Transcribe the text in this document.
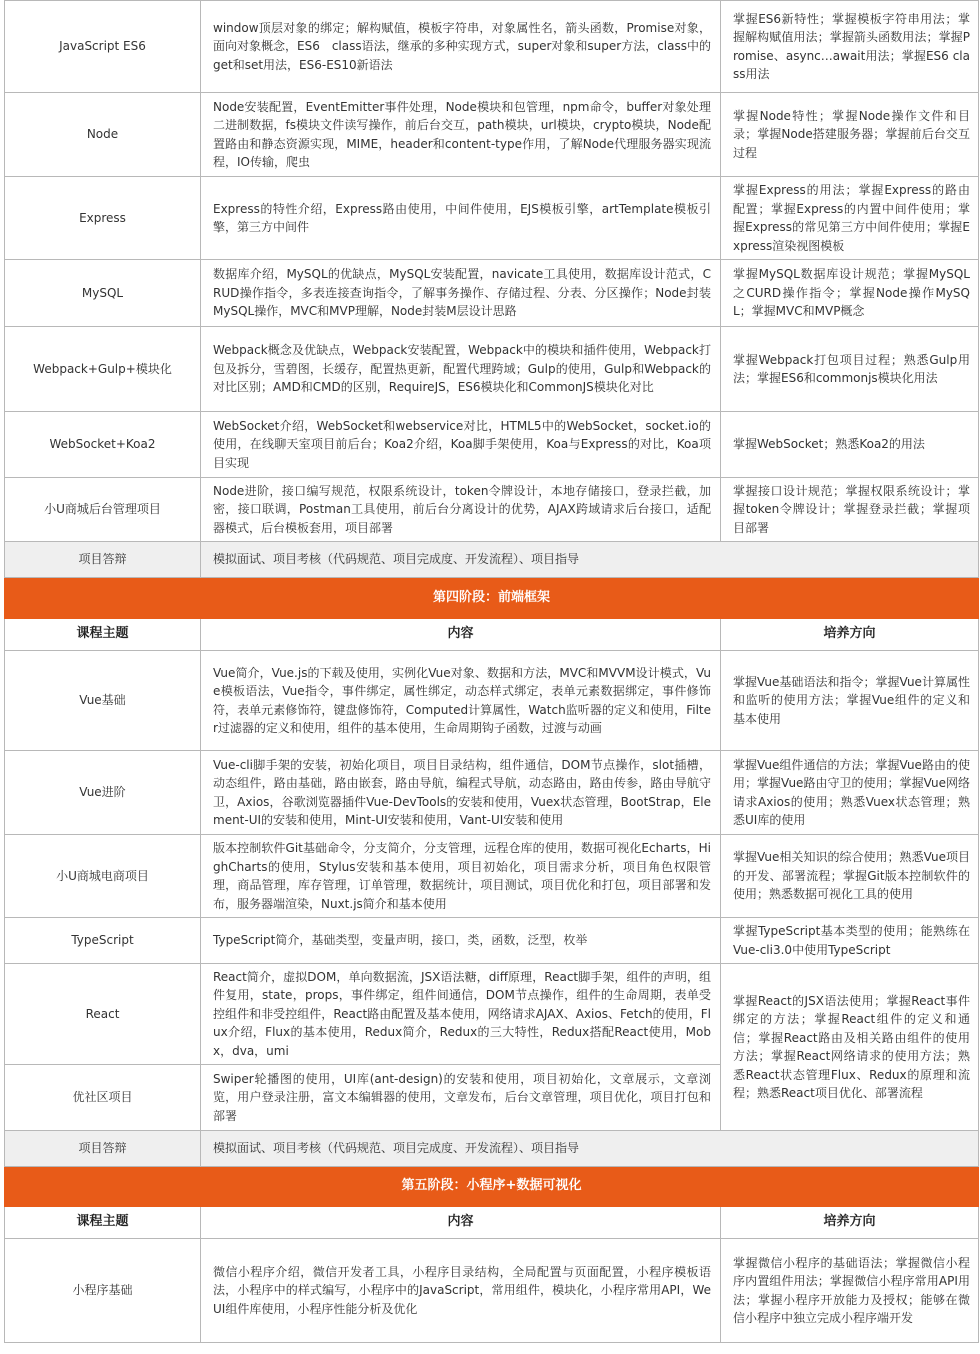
JavaScript ES6	window顶层对象的绑定；解构赋值，模板字符串，对象属性名，箭头函数，Promise对象，面向对象概念，ES6　class语法，继承的多种实现方式，super对象和super方法，class中的get和set用法，ES6-ES10新语法	掌握ES6新特性；掌握模板字符串用法；掌握解构赋值用法；掌握箭头函数用法；掌握Promise、async…await用法；掌握ES6 class用法
Node	Node安装配置，EventEmitter事件处理，Node模块和包管理，npm命令，buffer对象处理二进制数据，fs模块文件读写操作，前后台交互，path模块，url模块，crypto模块，Node配置路由和静态资源实现，MIME，header和content-type作用，了解Node代理服务器实现流程，IO传输，爬虫	掌握Node特性；掌握Node操作文件和目录；掌握Node搭建服务器；掌握前后台交互过程
Express	Express的特性介绍，Express路由使用，中间件使用，EJS模板引擎，artTemplate模板引擎，第三方中间件	掌握Express的用法；掌握Express的路由配置；掌握Express的内置中间件使用；掌握Express的常见第三方中间件使用；掌握Express渲染视图模板
MySQL	数据库介绍，MySQL的优缺点，MySQL安装配置，navicate工具使用，数据库设计范式，CRUD操作指令，多表连接查询指令，了解事务操作、存储过程、分表、分区操作；Node封装MySQL操作，MVC和MVP理解，Node封装M层设计思路	掌握MySQL数据库设计规范；掌握MySQL之CURD操作指令；掌握Node操作MySQL；掌握MVC和MVP概念
Webpack+Gulp+模块化	Webpack概念及优缺点，Webpack安装配置，Webpack中的模块和插件使用，Webpack打包及拆分，雪碧图，长缓存，配置热更新，配置代理跨域；Gulp的使用，Gulp和Webpack的对比区别；AMD和CMD的区别，RequireJS，ES6模块化和CommonJS模块化对比	掌握Webpack打包项目过程；熟悉Gulp用法；掌握ES6和commonjs模块化用法
WebSocket+Koa2	WebSocket介绍，WebSocket和webservice对比，HTML5中的WebSocket，socket.io的使用，在线聊天室项目前后台；Koa2介绍，Koa脚手架使用，Koa与Express的对比，Koa项目实现	掌握WebSocket；熟悉Koa2的用法
小U商城后台管理项目	Node进阶，接口编写规范，权限系统设计，token令牌设计，本地存储接口，登录拦截，加密，接口联调，Postman工具使用，前后台分离设计的优势，AJAX跨域请求后台接口，适配器模式，后台模板套用，项目部署	掌握接口设计规范；掌握权限系统设计；掌握token令牌设计；掌握登录拦截；掌握项目部署
项目答辩	模拟面试、项目考核（代码规范、项目完成度、开发流程）、项目指导	
第四阶段：前端框架		
课程主题	内容	培养方向
Vue基础	Vue简介，Vue.js的下载及使用，实例化Vue对象、数据和方法，MVC和MVVM设计模式，Vue模板语法，Vue指令，事件绑定，属性绑定，动态样式绑定，表单元素数据绑定，事件修饰符，表单元素修饰符，键盘修饰符，Computed计算属性，Watch监听器的定义和使用，Filter过滤器的定义和使用，组件的基本使用，生命周期钩子函数，过渡与动画	掌握Vue基础语法和指令；掌握Vue计算属性和监听的使用方法；掌握Vue组件的定义和基本使用
Vue进阶	Vue-cli脚手架的安装，初始化项目，项目目录结构，组件通信，DOM节点操作，slot插槽，动态组件，路由基础，路由嵌套，路由导航，编程式导航，动态路由，路由传参，路由导航守卫，Axios，谷歌浏览器插件Vue-DevTools的安装和使用，Vuex状态管理，BootStrap，Element-UI的安装和使用，Mint-UI安装和使用，Vant-UI安装和使用	掌握Vue组件通信的方法；掌握Vue路由的使用；掌握Vue路由守卫的使用；掌握Vue网络请求Axios的使用；熟悉Vuex状态管理；熟悉UI库的使用
小U商城电商项目	版本控制软件Git基础命令，分支简介，分支管理，远程仓库的使用，数据可视化Echarts，HighCharts的使用，Stylus安装和基本使用，项目初始化，项目需求分析，项目角色权限管理，商品管理，库存管理，订单管理，数据统计，项目测试，项目优化和打包，项目部署和发布，服务器端渲染，Nuxt.js简介和基本使用	掌握Vue相关知识的综合使用；熟悉Vue项目的开发、部署流程；掌握Git版本控制软件的使用；熟悉数据可视化工具的使用
TypeScript	TypeScript简介，基础类型，变量声明，接口，类，函数，泛型，枚举	掌握TypeScript基本类型的使用；能熟练在Vue-cli3.0中使用TypeScript
React	React简介，虚拟DOM，单向数据流，JSX语法糖，diff原理，React脚手架，组件的声明，组件复用，state，props，事件绑定，组件间通信，DOM节点操作，组件的生命周期，表单受控组件和非受控组件，React路由配置及基本使用，网络请求AJAX、Axios、Fetch的使用，Flux介绍，Flux的基本使用，Redux简介，Redux的三大特性，Redux搭配React使用，Mobx，dva，umi	掌握React的JSX语法使用；掌握React事件绑定的方法；掌握React组件的定义和通信；掌握React路由及相关路由组件的使用方法；掌握React网络请求的使用方法；熟悉React状态管理Flux、Redux的原理和流程；熟悉React项目优化、部署流程
优社区项目	Swiper轮播图的使用，UI库(ant-design)的安装和使用，项目初始化，文章展示，文章浏览，用户登录注册，富文本编辑器的使用，文章发布，后台文章管理，项目优化，项目打包和部署	
项目答辩	模拟面试、项目考核（代码规范、项目完成度、开发流程）、项目指导	
第五阶段：小程序+数据可视化		
课程主题	内容	培养方向
小程序基础	微信小程序介绍，微信开发者工具，小程序目录结构，全局配置与页面配置，小程序模板语法，小程序中的样式编写，小程序中的JavaScript，常用组件，模块化，小程序常用API，WeUI组件库使用，小程序性能分析及优化	掌握微信小程序的基础语法；掌握微信小程序内置组件用法；掌握微信小程序常用API用法；掌握小程序开放能力及授权；能够在微信小程序中独立完成小程序端开发
